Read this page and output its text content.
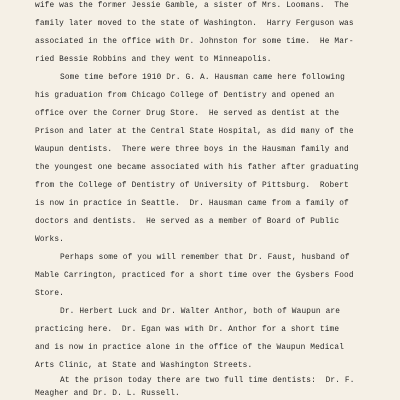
wife was the former Jessie Gamble, a sister of Mrs. Loomans.  The
family later moved to the state of Washington.  Harry Ferguson was
associated in the office with Dr. Johnston for some time.  He Mar-
ried Bessie Robbins and they went to Minneapolis.
Some time before 1910 Dr. G. A. Hausman came here following
his graduation from Chicago College of Dentistry and opened an
office over the Corner Drug Store.  He served as dentist at the
Prison and later at the Central State Hospital, as did many of the
Waupun dentists.  There were three boys in the Hausman family and
the youngest one became associated with his father after graduating
from the College of Dentistry of University of Pittsburg.  Robert
is now in practice in Seattle.  Dr. Hausman came from a family of
doctors and dentists.  He served as a member of Board of Public
Works.
Perhaps some of you will remember that Dr. Faust, husband of
Mable Carrington, practiced for a short time over the Gysbers Food
Store.
Dr. Herbert Luck and Dr. Walter Anthor, both of Waupun are
practicing here.  Dr. Egan was with Dr. Anthor for a short time
and is now in practice alone in the office of the Waupun Medical
Arts Clinic, at State and Washington Streets.
At the prison today there are two full time dentists:  Dr. F.
Meagher and Dr. D. L. Russell.
